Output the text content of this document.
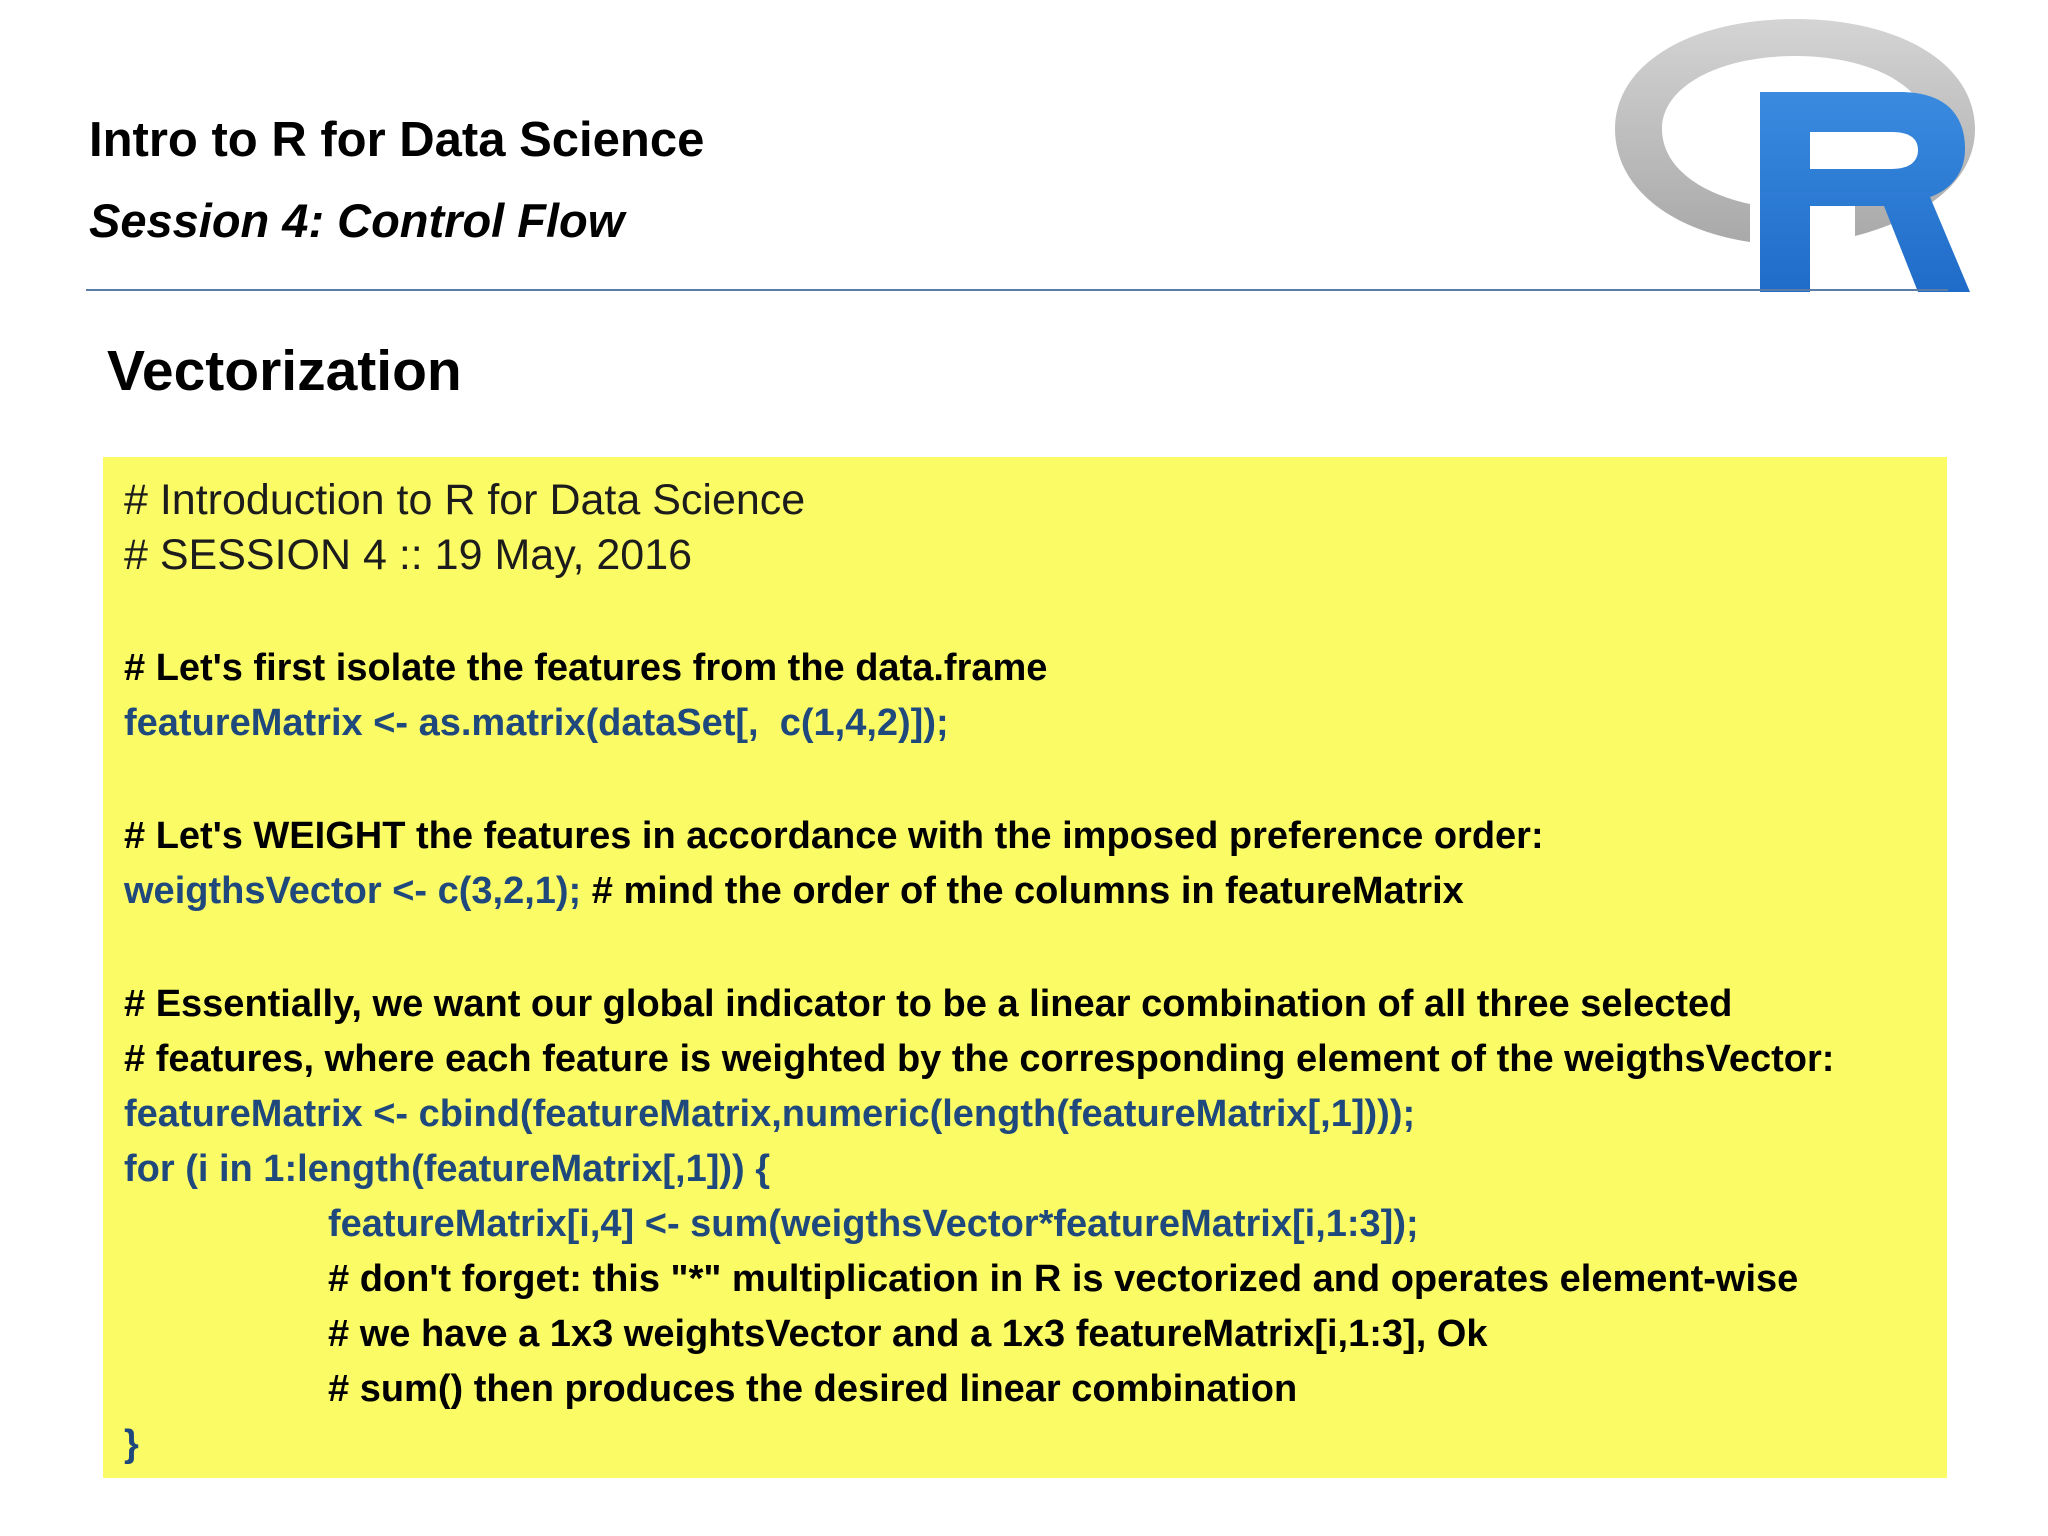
Intro to R for Data Science
Session 4: Control Flow
Vectorization
# Introduction to R for Data Science
# SESSION 4 :: 19 May, 2016
# Let's first isolate the features from the data.frame
featureMatrix <- as.matrix(dataSet[,  c(1,4,2)]);
# Let's WEIGHT the features in accordance with the imposed preference order:
weigthsVector <- c(3,2,1); # mind the order of the columns in featureMatrix
# Essentially, we want our global indicator to be a linear combination of all three selected
# features, where each feature is weighted by the corresponding element of the weigthsVector:
featureMatrix <- cbind(featureMatrix,numeric(length(featureMatrix[,1])));
for (i in 1:length(featureMatrix[,1])) {
featureMatrix[i,4] <- sum(weigthsVector*featureMatrix[i,1:3]);
# don't forget: this "*" multiplication in R is vectorized and operates element-wise
# we have a 1x3 weightsVector and a 1x3 featureMatrix[i,1:3], Ok
# sum() then produces the desired linear combination
}
